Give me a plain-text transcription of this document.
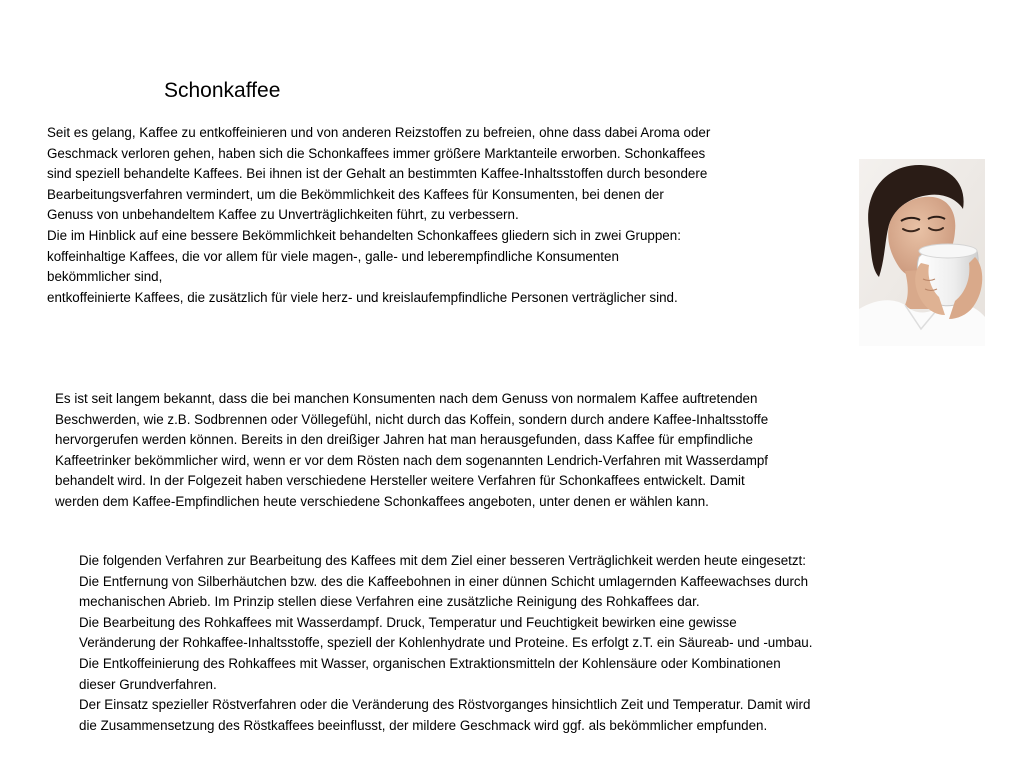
Schonkaffee
Seit es gelang, Kaffee zu entkoffeinieren und von anderen Reizstoffen zu befreien, ohne dass dabei Aroma oder
Geschmack verloren gehen, haben sich die Schonkaffees immer größere Marktanteile erworben. Schonkaffees
sind speziell behandelte Kaffees. Bei ihnen ist der Gehalt an bestimmten Kaffee-Inhaltsstoffen durch besondere
Bearbeitungsverfahren vermindert, um die Bekömmlichkeit des Kaffees für Konsumenten, bei denen der
Genuss von unbehandeltem Kaffee zu Unverträglichkeiten führt, zu verbessern.
Die im Hinblick auf eine bessere Bekömmlichkeit behandelten Schonkaffees gliedern sich in zwei Gruppen:
koffeinhaltige Kaffees, die vor allem für viele magen-, galle- und leberempfindliche Konsumenten
bekömmlicher sind,
entkoffeinierte Kaffees, die zusätzlich für viele herz- und kreislaufempfindliche Personen verträglicher sind.
Es ist seit langem bekannt, dass die bei manchen Konsumenten nach dem Genuss von normalem Kaffee auftretenden
Beschwerden, wie z.B. Sodbrennen oder Völlegefühl, nicht durch das Koffein, sondern durch andere Kaffee-Inhaltsstoffe
hervorgerufen werden können. Bereits in den dreißiger Jahren hat man herausgefunden, dass Kaffee für empfindliche
Kaffeetrinker bekömmlicher wird, wenn er vor dem Rösten nach dem sogenannten Lendrich-Verfahren mit Wasserdampf
behandelt wird. In der Folgezeit haben verschiedene Hersteller weitere Verfahren für Schonkaffees entwickelt. Damit
werden dem Kaffee-Empfindlichen heute verschiedene Schonkaffees angeboten, unter denen er wählen kann.
Die folgenden Verfahren zur Bearbeitung des Kaffees mit dem Ziel einer besseren Verträglichkeit werden heute eingesetzt:
Die Entfernung von Silberhäutchen bzw. des die Kaffeebohnen in einer dünnen Schicht umlagernden Kaffeewachses durch
mechanischen Abrieb. Im Prinzip stellen diese Verfahren eine zusätzliche Reinigung des Rohkaffees dar.
Die Bearbeitung des Rohkaffees mit Wasserdampf. Druck, Temperatur und Feuchtigkeit bewirken eine gewisse
Veränderung der Rohkaffee-Inhaltsstoffe, speziell der Kohlenhydrate und Proteine. Es erfolgt z.T. ein Säureab- und -umbau.
Die Entkoffeinierung des Rohkaffees mit Wasser, organischen Extraktionsmitteln der Kohlensäure oder Kombinationen
dieser Grundverfahren.
Der Einsatz spezieller Röstverfahren oder die Veränderung des Röstvorganges hinsichtlich Zeit und Temperatur. Damit wird
die Zusammensetzung des Röstkaffees beeinflusst, der mildere Geschmack wird ggf. als bekömmlicher empfunden.
